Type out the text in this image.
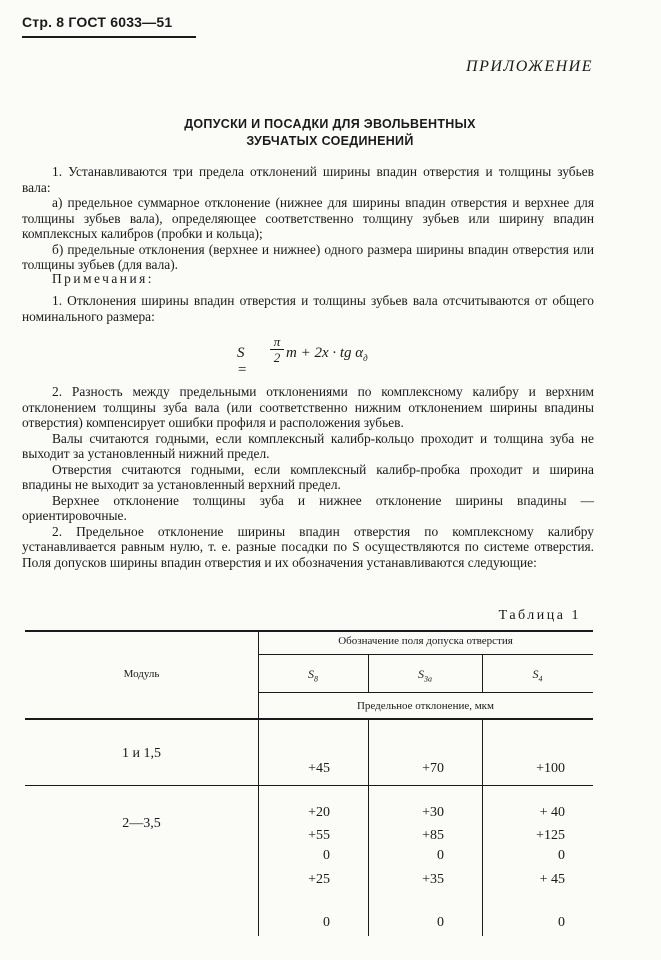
Стр. 8 ГОСТ 6033—51
ПРИЛОЖЕНИЕ
ДОПУСКИ И ПОСАДКИ ДЛЯ ЭВОЛЬВЕНТНЫХ
ЗУБЧАТЫХ СОЕДИНЕНИЙ

1. Устанавливаются три предела отклонений ширины впадин отверстия и толщины зубьев вала:

а) предельное суммарное отклонение (нижнее для ширины впадин отверстия и верхнее для толщины зубьев вала), определяющее соответственно толщину зубьев или ширину впадин комплексных калибров (пробки и кольца);

б) предельные отклонения (верхнее и нижнее) одного размера ширины впадин отверстия или толщины зубьев (для вала).

Примечания:

1. Отклонения ширины впадин отверстия и толщины зубьев вала отсчитываются от общего номинального размера:

S =
π
2 m + 2x · tg $\alpha_д$

2. Разность между предельными отклонениями по комплексному калибру и верхним отклонением толщины зуба вала (или соответственно нижним отклонением ширины впадины отверстия) компенсирует ошибки профиля и расположения зубьев.

Валы считаются годными, если комплексный калибр-кольцо проходит и толщина зуба не выходит за установленный нижний предел.

Отверстия считаются годными, если комплексный калибр-пробка проходит и ширина впадины не выходит за установленный верхний предел.

Верхнее отклонение толщины зуба и нижнее отклонение ширины впадины — ориентировочные.

2. Предельное отклонение ширины впадин отверстия по комплексному калибру устанавливается равным нулю, т. е. разные посадки по S осуществляются по системе отверстия. Поля допусков ширины впадин отверстия и их обозначения устанавливаются следующие:

Таблица 1
Модуль
Обозначение поля допуска отверстия
$S_8$	$S_{3а}$	$S_4$
Предельное отклонение, мкм
1 и 1,5

+45

+20

0

+70

+30

0

+100

+ 40

0

2—3,5

+55

+25

0

+85

+35

0

+125

+ 45

0
